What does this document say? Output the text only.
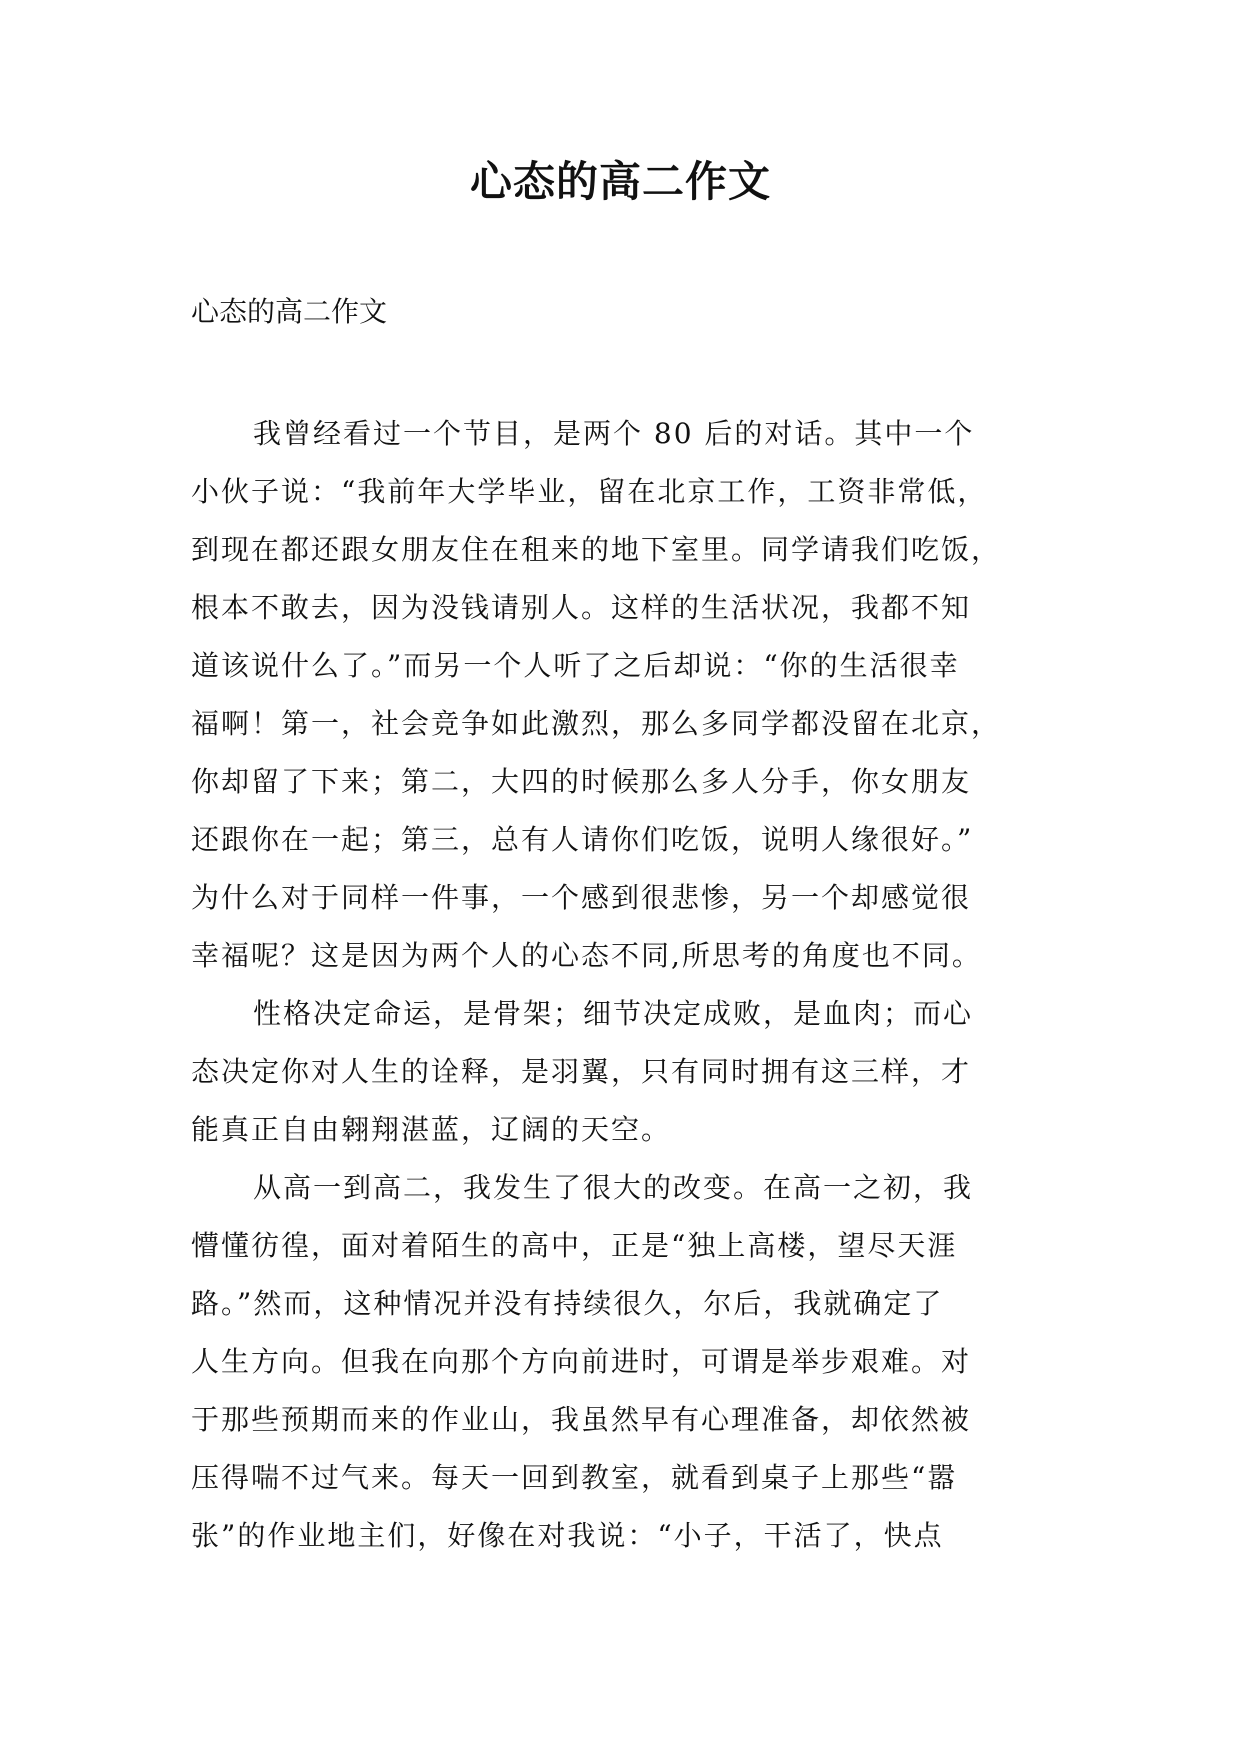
心态的高二作文

心态的高二作文

我曾经看过一个节目，是两个 80 后的对话。其中一个
小伙子说：“我前年大学毕业，留在北京工作，工资非常低，
到现在都还跟女朋友住在租来的地下室里。同学请我们吃饭，
根本不敢去，因为没钱请别人。这样的生活状况，我都不知
道该说什么了。”而另一个人听了之后却说：“你的生活很幸
福啊！第一，社会竞争如此激烈，那么多同学都没留在北京，
你却留了下来；第二，大四的时候那么多人分手，你女朋友
还跟你在一起；第三，总有人请你们吃饭，说明人缘很好。”
为什么对于同样一件事，一个感到很悲惨，另一个却感觉很
幸福呢？这是因为两个人的心态不同,所思考的角度也不同。
性格决定命运，是骨架；细节决定成败，是血肉；而心
态决定你对人生的诠释，是羽翼，只有同时拥有这三样，才
能真正自由翱翔湛蓝，辽阔的天空。
从高一到高二，我发生了很大的改变。在高一之初，我
懵懂彷徨，面对着陌生的高中，正是“独上高楼，望尽天涯
路。”然而，这种情况并没有持续很久，尔后，我就确定了
人生方向。但我在向那个方向前进时，可谓是举步艰难。对
于那些预期而来的作业山，我虽然早有心理准备，却依然被
压得喘不过气来。每天一回到教室，就看到桌子上那些“嚣
张”的作业地主们，好像在对我说：“小子，干活了，快点
